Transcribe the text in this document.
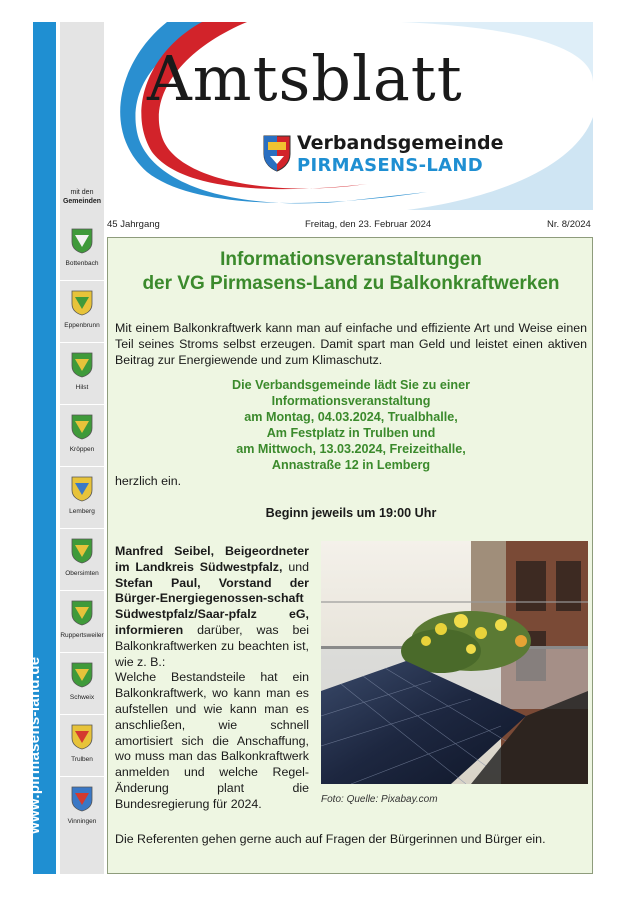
www.pirmasens-land.de
mit den
Gemeinden
Bottenbach
Eppenbrunn
Hilst
Kröppen
Lemberg
Obersimten
Ruppertsweiler
Schweix
Trulben
Vinningen
Amtsblatt
Verbandsgemeinde
PIRMASENS-LAND
45 Jahrgang	Freitag, den 23. Februar 2024	Nr. 8/2024
Informationsveranstaltungen
der VG Pirmasens-Land zu Balkonkraftwerken
Mit einem Balkonkraftwerk kann man auf einfache und effiziente Art und Weise einen Teil seines Stroms selbst erzeugen. Damit spart man Geld und leistet einen aktiven Beitrag zur Energiewende und zum Klimaschutz.
Die Verbandsgemeinde lädt Sie zu einer
Informationsveranstaltung
am Montag, 04.03.2024, Trualbhalle,
Am Festplatz in Trulben und
am Mittwoch, 13.03.2024, Freizeithalle,
Annastraße 12 in Lemberg
herzlich ein.
Beginn jeweils um 19:00 Uhr
Manfred Seibel, Beigeordneter im Landkreis Südwestpfalz, und Stefan Paul, Vorstand der Bürger-Energiegenossen-schaft Südwestpfalz/Saar-pfalz eG, informieren darüber, was bei Balkonkraftwerken zu beachten ist, wie z. B.:
Welche Bestandsteile hat ein Balkonkraftwerk, wo kann man es aufstellen und wie kann man es anschließen, wie schnell amortisiert sich die Anschaffung, wo muss man das Balkonkraftwerk anmelden und welche Regel-Änderung plant die Bundesregierung für 2024.	Foto: Quelle: Pixabay.com
Die Referenten gehen gerne auch auf Fragen der Bürgerinnen und Bürger ein.
